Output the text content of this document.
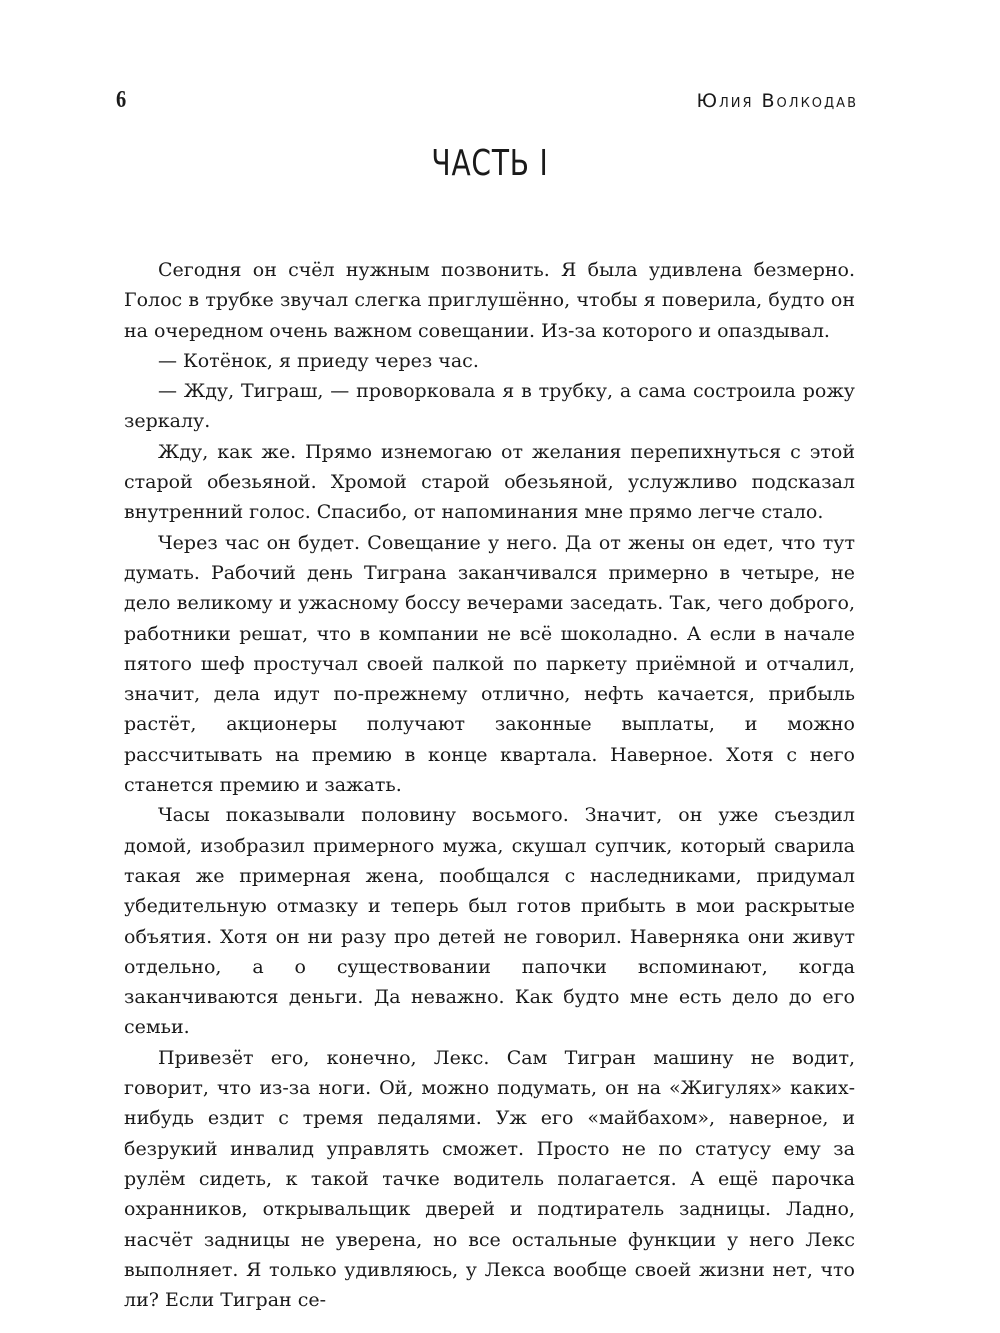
6	Юлия Волкодав
ЧАСТЬ I

Сегодня он счёл нужным позвонить. Я была удивлена безмерно. Голос в трубке звучал слегка приглушённо, чтобы я поверила, будто он на очередном очень важном совещании. Из-за которого и опаздывал.

— Котёнок, я приеду через час.

— Жду, Тиграш, — проворковала я в трубку, а сама состроила рожу зеркалу.

Жду, как же. Прямо изнемогаю от желания перепихнуться с этой старой обезьяной. Хромой старой обезьяной, услужливо подсказал внутренний голос. Спасибо, от напоминания мне прямо легче стало.

Через час он будет. Совещание у него. Да от жены он едет, что тут думать. Рабочий день Тиграна заканчивался примерно в четыре, не дело великому и ужасному боссу вечерами заседать. Так, чего доброго, работники решат, что в компании не всё шоколадно. А если в начале пятого шеф простучал своей палкой по паркету приёмной и отчалил, значит, дела идут по-прежнему отлично, нефть качается, прибыль растёт, акционеры получают законные выплаты, и можно рассчитывать на премию в конце квартала. Наверное. Хотя с него станется премию и зажать.

Часы показывали половину восьмого. Значит, он уже съездил домой, изобразил примерного мужа, скушал супчик, который сварила такая же примерная жена, пообщался с наследниками, придумал убедительную отмазку и теперь был готов прибыть в мои раскрытые объятия. Хотя он ни разу про детей не говорил. Наверняка они живут отдельно, а о существовании папочки вспоминают, когда заканчиваются деньги. Да неважно. Как будто мне есть дело до его семьи.

Привезёт его, конечно, Лекс. Сам Тигран машину не водит, говорит, что из-за ноги. Ой, можно подумать, он на «Жигулях» каких-нибудь ездит с тремя педалями. Уж его «майбахом», наверное, и безрукий инвалид управлять сможет. Просто не по статусу ему за рулём сидеть, к такой тачке водитель полагается. А ещё парочка охранников, открывальщик дверей и подтиратель задницы. Ладно, насчёт задницы не уверена, но все остальные функции у него Лекс выполняет. Я только удивляюсь, у Лекса вообще своей жизни нет, что ли? Если Тигран се-
